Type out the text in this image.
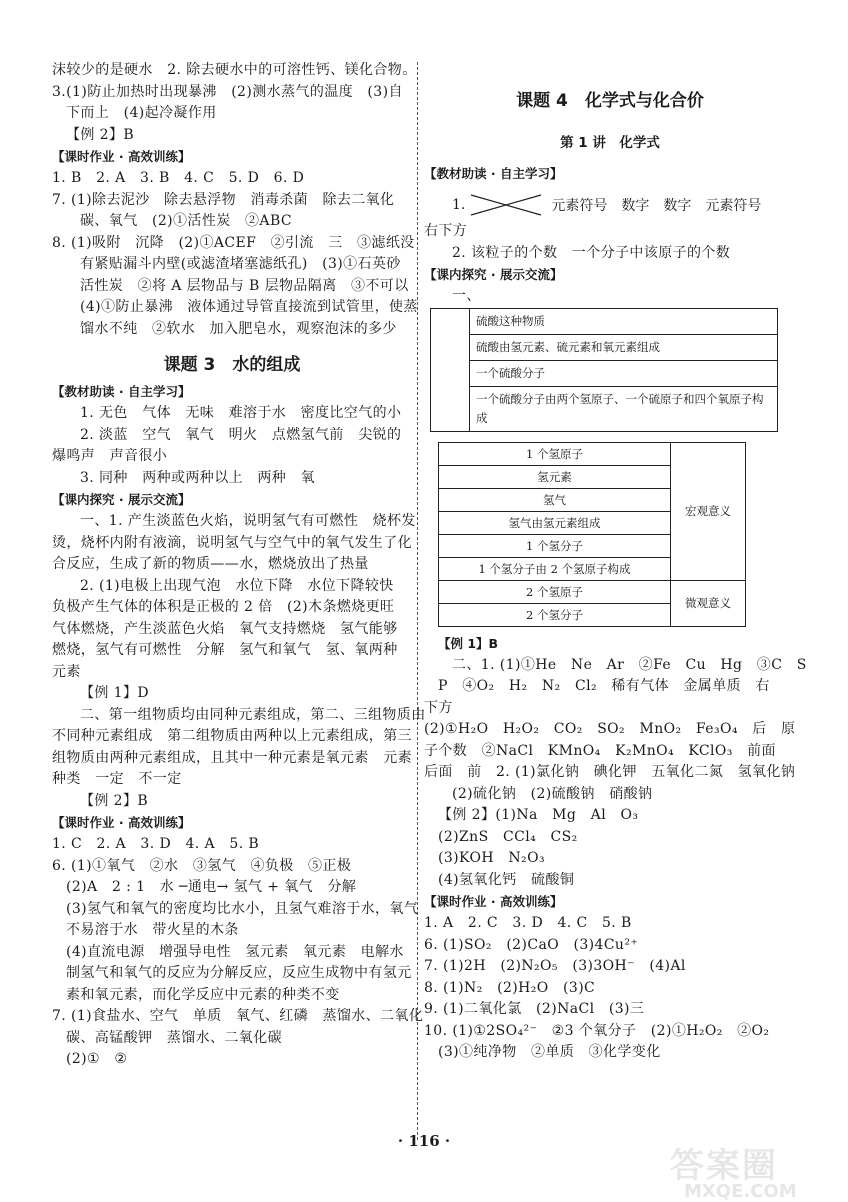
沫较少的是硬水　2. 除去硬水中的可溶性钙、镁化合物。
3.(1)防止加热时出现暴沸　(2)测水蒸气的温度　(3)自
下而上　(4)起冷凝作用
【例 2】B
【课时作业 · 高效训练】
1. B　2. A　3. B　4. C　5. D　6. D
7. (1)除去泥沙　除去悬浮物　消毒杀菌　除去二氧化
碳、氧气　(2)①活性炭　②ABC
8. (1)吸附　沉降　(2)①ACEF　②引流　三　③滤纸没
有紧贴漏斗内壁(或滤渣堵塞滤纸孔)　(3)①石英砂
活性炭　②将 A 层物品与 B 层物品隔离　③不可以
(4)①防止暴沸　液体通过导管直接流到试管里，使蒸
馏水不纯　②软水　加入肥皂水，观察泡沫的多少
课题 3　水的组成
【教材助读 · 自主学习】
1. 无色　气体　无味　难溶于水　密度比空气的小
2. 淡蓝　空气　氧气　明火　点燃氢气前　尖锐的
爆鸣声　声音很小
3. 同种　两种或两种以上　两种　氧
【课内探究 · 展示交流】
一、1. 产生淡蓝色火焰，说明氢气有可燃性　烧杯发
烫，烧杯内附有液滴，说明氢气与空气中的氧气发生了化
合反应，生成了新的物质——水，燃烧放出了热量
2. (1)电极上出现气泡　水位下降　水位下降较快
负极产生气体的体积是正极的 2 倍　(2)木条燃烧更旺
气体燃烧，产生淡蓝色火焰　氧气支持燃烧　氢气能够
燃烧，氢气有可燃性　分解　氢气和氧气　氢、氧两种
元素
【例 1】D
二、第一组物质均由同种元素组成，第二、三组物质由
不同种元素组成　第二组物质由两种以上元素组成，第三
组物质由两种元素组成，且其中一种元素是氧元素　元素
种类　一定　不一定
【例 2】B
【课时作业 · 高效训练】
1. C　2. A　3. D　4. A　5. B
6. (1)①氧气　②水　③氢气　④负极　⑤正极
(2)A　2 : 1　水 ─通电→ 氢气 + 氧气　分解
(3)氢气和氧气的密度均比水小，且氢气难溶于水，氧气
不易溶于水　带火星的木条
(4)直流电源　增强导电性　氢元素　氧元素　电解水
制氢气和氧气的反应为分解反应，反应生成物中有氢元
素和氧元素，而化学反应中元素的种类不变
7. (1)食盐水、空气　单质　氧气、红磷　蒸馏水、二氧化
碳、高锰酸钾　蒸馏水、二氧化碳
(2)①　②
课题 4　化学式与化合价
第 1 讲　化学式
【教材助读 · 自主学习】
1.	元素符号　数字　数字　元素符号
右下方
2. 该粒子的个数　一个分子中该原子的个数
【课内探究 · 展示交流】
一、
	硫酸这种物质
硫酸由氢元素、硫元素和氧元素组成
一个硫酸分子
一个硫酸分子由两个氢原子、一个硫原子和四个氧原子构成
1 个氢原子	宏观意义
氢元素	
氢气	
氢气由氢元素组成	
1 个氢分子	
1 个氢分子由 2 个氢原子构成	
2 个氢原子	微观意义
2 个氢分子	
【例 1】B
二、1. (1)①He　Ne　Ar　②Fe　Cu　Hg　③C　S
P　④O₂　H₂　N₂　Cl₂　稀有气体　金属单质　右
下方
(2)①H₂O　H₂O₂　CO₂　SO₂　MnO₂　Fe₃O₄　后　原
子个数　②NaCl　KMnO₄　K₂MnO₄　KClO₃　前面
后面　前　2. (1)氯化钠　碘化钾　五氧化二氮　氢氧化钠
(2)硫化钠　(2)硫酸钠　硝酸钠
【例 2】(1)Na　Mg　Al　O₃
(2)ZnS　CCl₄　CS₂
(3)KOH　N₂O₃
(4)氢氧化钙　硫酸铜
【课时作业 · 高效训练】
1. A　2. C　3. D　4. C　5. B
6. (1)SO₂　(2)CaO　(3)4Cu²⁺
7. (1)2H　(2)N₂O₅　(3)3OH⁻　(4)Al
8. (1)N₂　(2)H₂O　(3)C
9. (1)二氧化氯　(2)NaCl　(3)三
10. (1)①2SO₄²⁻　②3 个氧分子　(2)①H₂O₂　②O₂
(3)①纯净物　②单质　③化学变化
· 116 ·
答案圈
MXQE.COM
